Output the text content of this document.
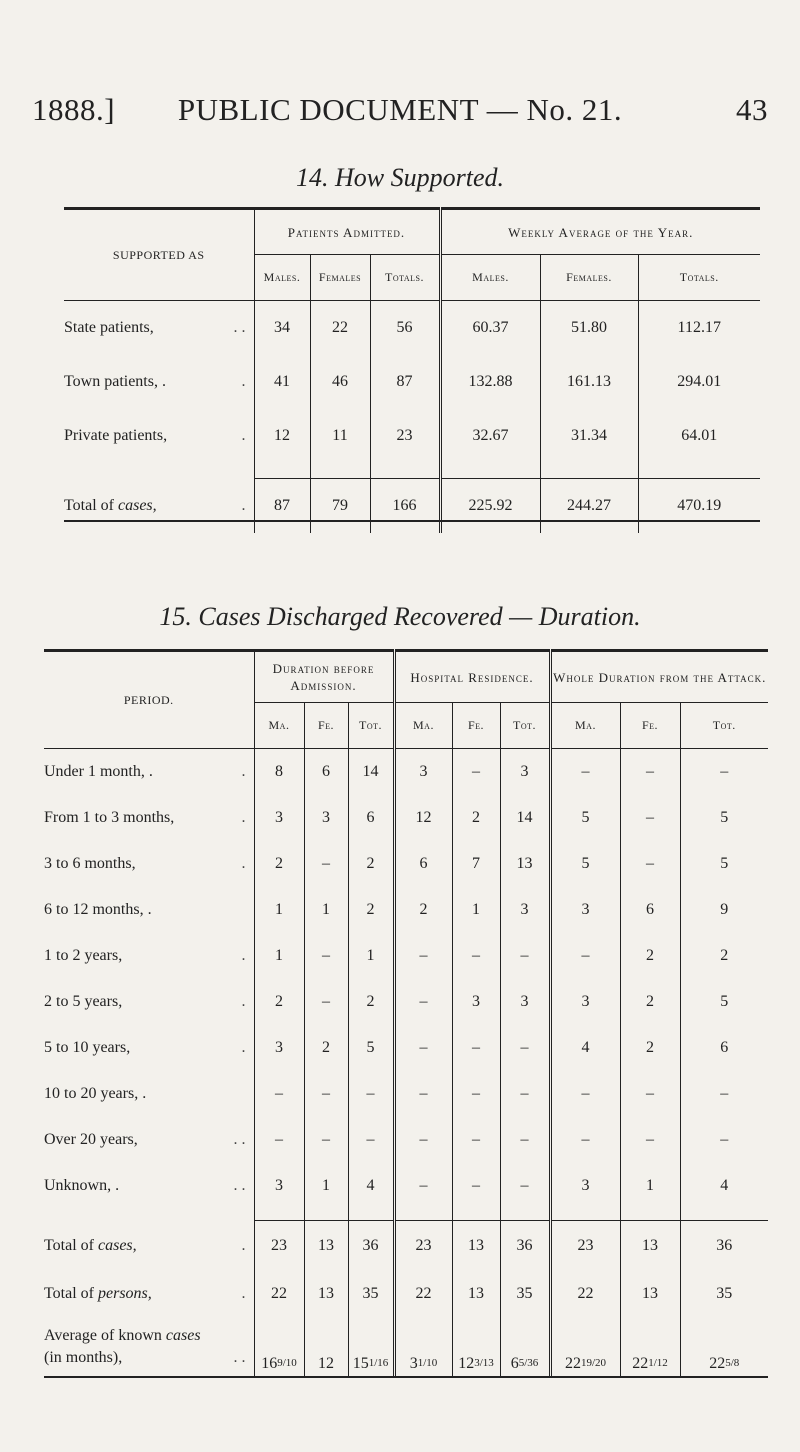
1888.]	PUBLIC DOCUMENT — No. 21.	43
14. How Supported.
SUPPORTED AS	Patients Admitted.			Weekly Average of the Year.		
	Males.	Females	Totals.	Males.	Females.	Totals.
State patients, . .	34	22	56	60.37	51.80	112.17
Town patients, . .	41	46	87	132.88	161.13	294.01
Private patients, .	12	11	23	32.67	31.34	64.01

Total of cases, .	87	79	166	225.92	244.27	470.19
15. Cases Discharged Recovered — Duration.
PERIOD.	Duration before Admission.			Hospital Residence.			Whole Duration from the Attack.		
	Ma.	Fe.	Tot.	Ma.	Fe.	Tot.	Ma.	Fe.	Tot.
Under 1 month, . .	8	6	14	3	–	3	–	–	–
From 1 to 3 months, .	3	3	6	12	2	14	5	–	5
3 to 6 months, .	2	–	2	6	7	13	5	–	5
6 to 12 months, .	1	1	2	2	1	3	3	6	9
1 to 2 years, .	1	–	1	–	–	–	–	2	2
2 to 5 years, .	2	–	2	–	3	3	3	2	5
5 to 10 years, .	3	2	5	–	–	–	4	2	6
10 to 20 years, .	–	–	–	–	–	–	–	–	–
Over 20 years, . .	–	–	–	–	–	–	–	–	–
Unknown, . . .	3	1	4	–	–	–	3	1	4

Total of cases, .	23	13	36	23	13	36	23	13	36
Total of persons, .	22	13	35	22	13	35	22	13	35

Average of known cases
(in months), . .	169/10	12	151/16	31/10	123/13	65/36	2219/20	221/12	225/8
